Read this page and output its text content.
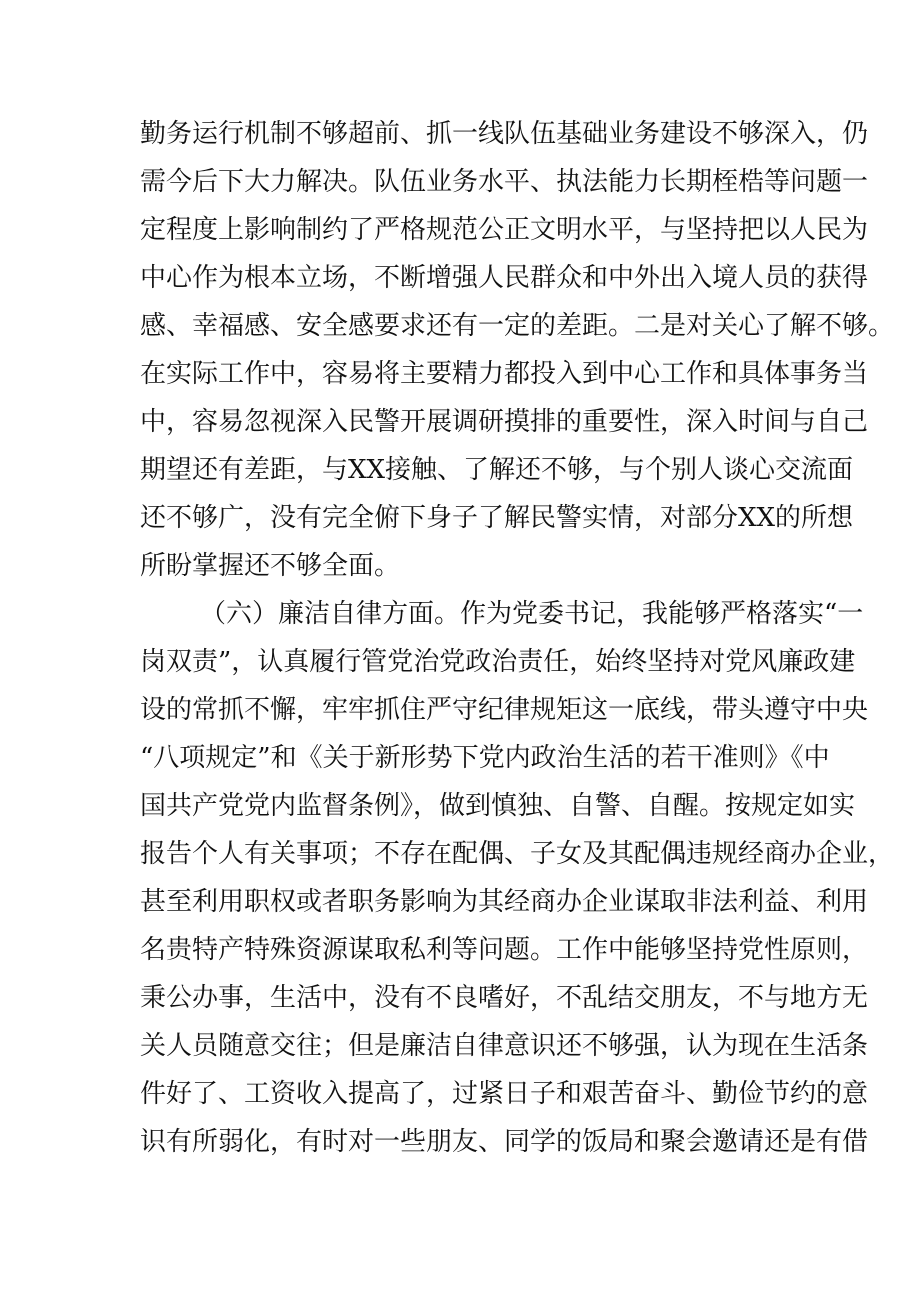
勤务运行机制不够超前、抓一线队伍基础业务建设不够深入，仍
需今后下大力解决。队伍业务水平、执法能力长期桎梏等问题一
定程度上影响制约了严格规范公正文明水平，与坚持把以人民为
中心作为根本立场，不断增强人民群众和中外出入境人员的获得
感、幸福感、安全感要求还有一定的差距。二是对关心了解不够。
在实际工作中，容易将主要精力都投入到中心工作和具体事务当
中，容易忽视深入民警开展调研摸排的重要性，深入时间与自己
期望还有差距，与XX接触、了解还不够，与个别人谈心交流面
还不够广，没有完全俯下身子了解民警实情，对部分XX的所想
所盼掌握还不够全面。
（六）廉洁自律方面。作为党委书记，我能够严格落实“一
岗双责”，认真履行管党治党政治责任，始终坚持对党风廉政建
设的常抓不懈，牢牢抓住严守纪律规矩这一底线，带头遵守中央
“八项规定”和《关于新形势下党内政治生活的若干准则》《中
国共产党党内监督条例》，做到慎独、自警、自醒。按规定如实
报告个人有关事项；不存在配偶、子女及其配偶违规经商办企业，
甚至利用职权或者职务影响为其经商办企业谋取非法利益、利用
名贵特产特殊资源谋取私利等问题。工作中能够坚持党性原则，
秉公办事，生活中，没有不良嗜好，不乱结交朋友，不与地方无
关人员随意交往；但是廉洁自律意识还不够强，认为现在生活条
件好了、工资收入提高了，过紧日子和艰苦奋斗、勤俭节约的意
识有所弱化，有时对一些朋友、同学的饭局和聚会邀请还是有借
